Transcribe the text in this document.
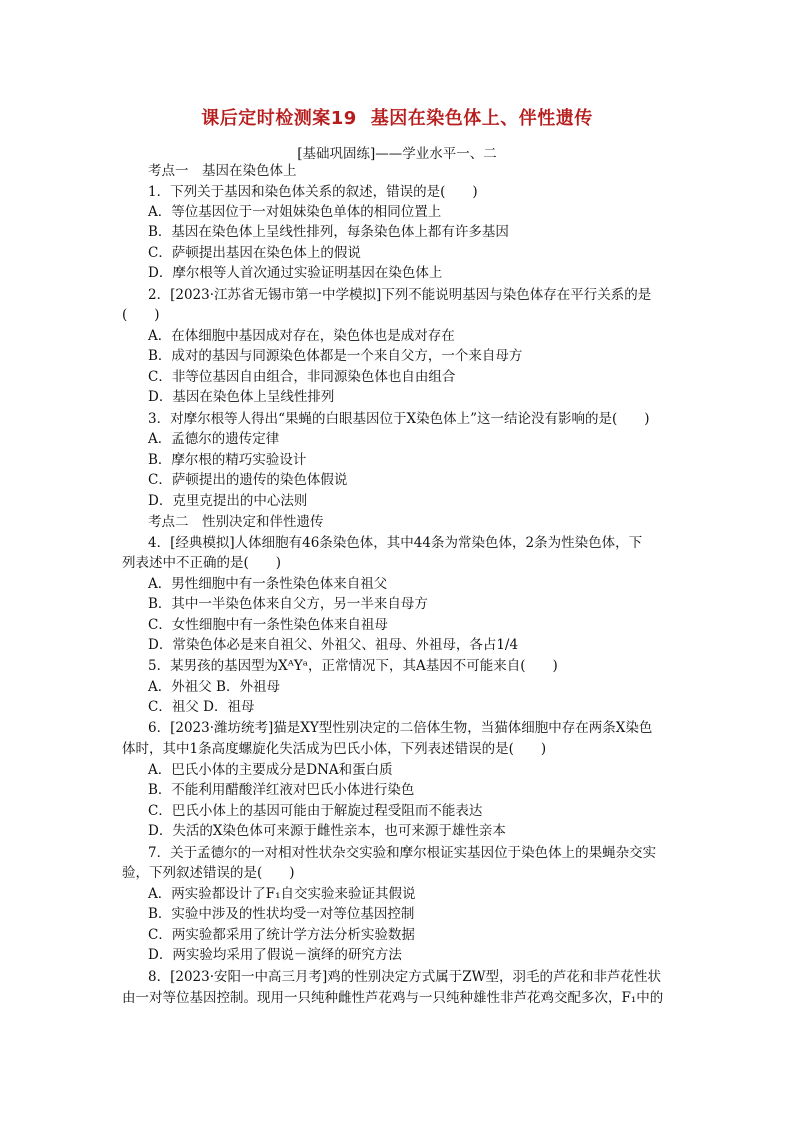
课后定时检测案19 基因在染色体上、伴性遗传
[基础巩固练]——学业水平一、二
考点一　基因在染色体上
1．下列关于基因和染色体关系的叙述，错误的是(　　)
A．等位基因位于一对姐妹染色单体的相同位置上
B．基因在染色体上呈线性排列，每条染色体上都有许多基因
C．萨顿提出基因在染色体上的假说
D．摩尔根等人首次通过实验证明基因在染色体上
2．[2023·江苏省无锡市第一中学模拟]下列不能说明基因与染色体存在平行关系的是
(　　)
A．在体细胞中基因成对存在，染色体也是成对存在
B．成对的基因与同源染色体都是一个来自父方，一个来自母方
C．非等位基因自由组合，非同源染色体也自由组合
D．基因在染色体上呈线性排列
3．对摩尔根等人得出“果蝇的白眼基因位于X染色体上”这一结论没有影响的是(　　)
A．孟德尔的遗传定律
B．摩尔根的精巧实验设计
C．萨顿提出的遗传的染色体假说
D．克里克提出的中心法则
考点二　性别决定和伴性遗传
4．[经典模拟]人体细胞有46条染色体，其中44条为常染色体，2条为性染色体，下
列表述中不正确的是(　　)
A．男性细胞中有一条性染色体来自祖父
B．其中一半染色体来自父方，另一半来自母方
C．女性细胞中有一条性染色体来自祖母
D．常染色体必是来自祖父、外祖父、祖母、外祖母，各占1/4
5．某男孩的基因型为XᴬYᵃ，正常情况下，其A基因不可能来自(　　)
A．外祖父 B．外祖母
C．祖父 D．祖母
6．[2023·潍坊统考]猫是XY型性别决定的二倍体生物，当猫体细胞中存在两条X染色
体时，其中1条高度螺旋化失活成为巴氏小体，下列表述错误的是(　　)
A．巴氏小体的主要成分是DNA和蛋白质
B．不能利用醋酸洋红液对巴氏小体进行染色
C．巴氏小体上的基因可能由于解旋过程受阻而不能表达
D．失活的X染色体可来源于雌性亲本，也可来源于雄性亲本
7．关于孟德尔的一对相对性状杂交实验和摩尔根证实基因位于染色体上的果蝇杂交实
验，下列叙述错误的是(　　)
A．两实验都设计了F₁自交实验来验证其假说
B．实验中涉及的性状均受一对等位基因控制
C．两实验都采用了统计学方法分析实验数据
D．两实验均采用了假说－演绎的研究方法
8．[2023·安阳一中高三月考]鸡的性别决定方式属于ZW型，羽毛的芦花和非芦花性状
由一对等位基因控制。现用一只纯种雌性芦花鸡与一只纯种雄性非芦花鸡交配多次，F₁中的
